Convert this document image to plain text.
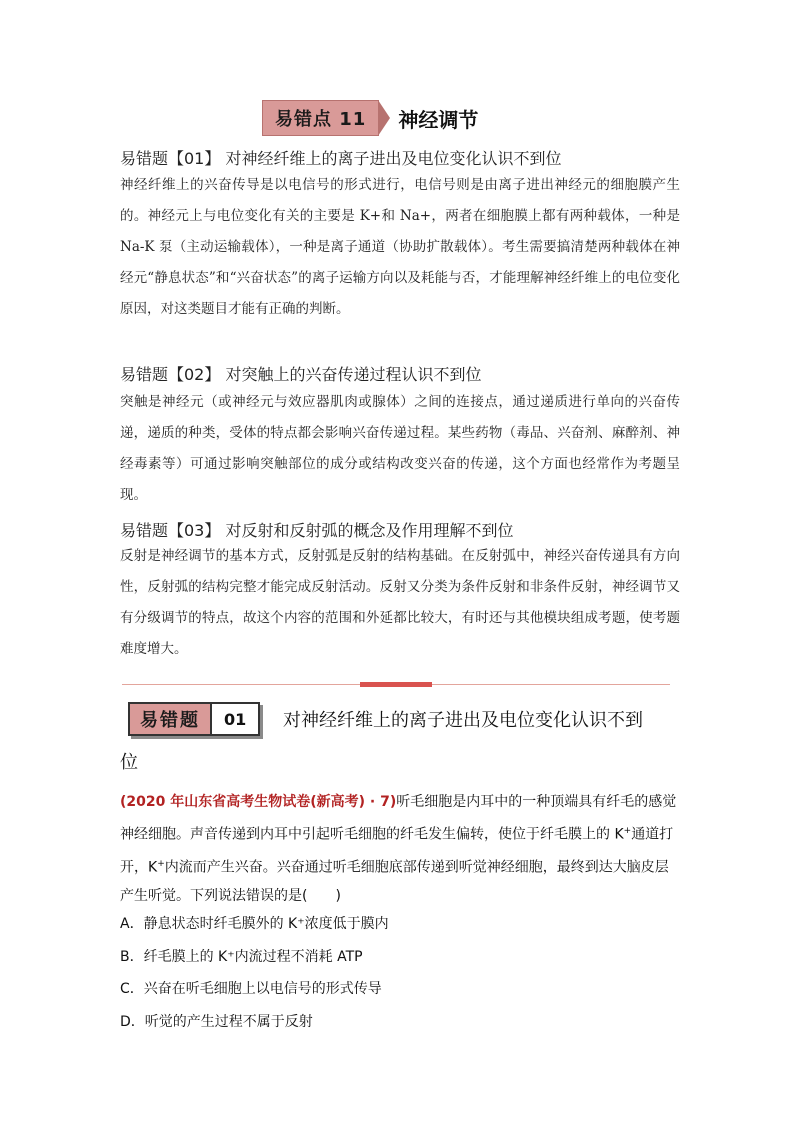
易错点 11	神经调节
易错题【01】 对神经纤维上的离子进出及电位变化认识不到位
神经纤维上的兴奋传导是以电信号的形式进行，电信号则是由离子进出神经元的细胞膜产生的。神经元上与电位变化有关的主要是 K+和 Na+，两者在细胞膜上都有两种载体，一种是 Na-K 泵（主动运输载体），一种是离子通道（协助扩散载体）。考生需要搞清楚两种载体在神经元“静息状态”和“兴奋状态”的离子运输方向以及耗能与否，才能理解神经纤维上的电位变化原因，对这类题目才能有正确的判断。
易错题【02】 对突触上的兴奋传递过程认识不到位
突触是神经元（或神经元与效应器肌肉或腺体）之间的连接点，通过递质进行单向的兴奋传递，递质的种类，受体的特点都会影响兴奋传递过程。某些药物（毒品、兴奋剂、麻醉剂、神经毒素等）可通过影响突触部位的成分或结构改变兴奋的传递，这个方面也经常作为考题呈现。
易错题【03】 对反射和反射弧的概念及作用理解不到位
反射是神经调节的基本方式，反射弧是反射的结构基础。在反射弧中，神经兴奋传递具有方向性，反射弧的结构完整才能完成反射活动。反射又分类为条件反射和非条件反射，神经调节又有分级调节的特点，故这个内容的范围和外延都比较大，有时还与其他模块组成考题，使考题难度增大。
易错题	01	对神经纤维上的离子进出及电位变化认识不到
位
(2020 年山东省高考生物试卷(新高考) · 7)听毛细胞是内耳中的一种顶端具有纤毛的感觉神经细胞。声音传递到内耳中引起听毛细胞的纤毛发生偏转，使位于纤毛膜上的 K+通道打开，K+内流而产生兴奋。兴奋通过听毛细胞底部传递到听觉神经细胞，最终到达大脑皮层产生听觉。下列说法错误的是(　　)
A．静息状态时纤毛膜外的 K⁺浓度低于膜内
B．纤毛膜上的 K⁺内流过程不消耗 ATP
C．兴奋在听毛细胞上以电信号的形式传导
D．听觉的产生过程不属于反射
